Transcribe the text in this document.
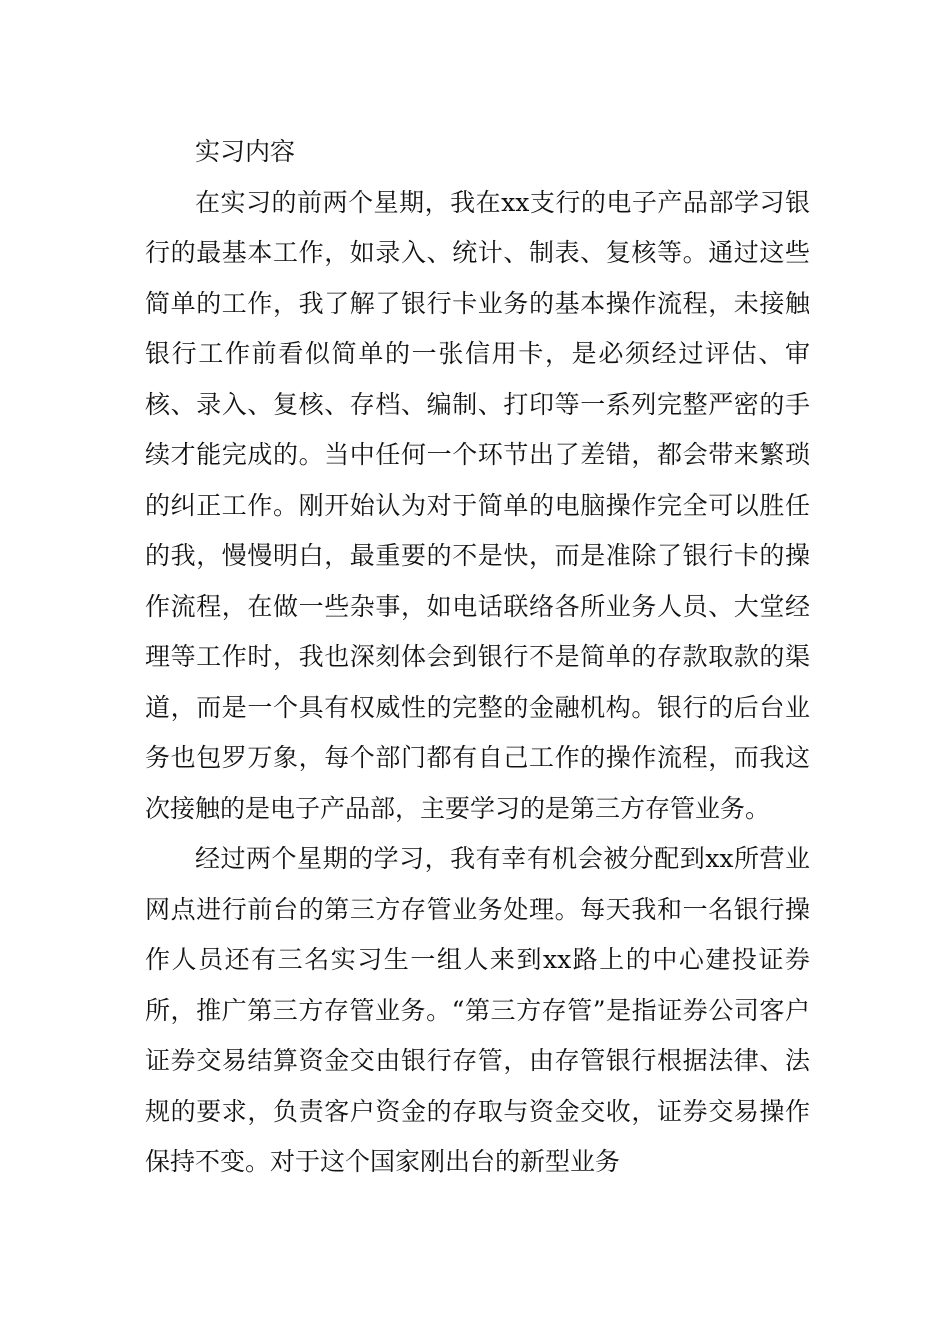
实习内容

在实习的前两个星期，我在xx支行的电子产品部学习银行的最基本工作，如录入、统计、制表、复核等。通过这些简单的工作，我了解了银行卡业务的基本操作流程，未接触银行工作前看似简单的一张信用卡，是必须经过评估、审核、录入、复核、存档、编制、打印等一系列完整严密的手续才能完成的。当中任何一个环节出了差错，都会带来繁琐的纠正工作。刚开始认为对于简单的电脑操作完全可以胜任的我，慢慢明白，最重要的不是快，而是准除了银行卡的操作流程，在做一些杂事，如电话联络各所业务人员、大堂经理等工作时，我也深刻体会到银行不是简单的存款取款的渠道，而是一个具有权威性的完整的金融机构。银行的后台业务也包罗万象，每个部门都有自己工作的操作流程，而我这次接触的是电子产品部，主要学习的是第三方存管业务。

经过两个星期的学习，我有幸有机会被分配到xx所营业网点进行前台的第三方存管业务处理。每天我和一名银行操作人员还有三名实习生一组人来到xx路上的中心建投证券所，推广第三方存管业务。“第三方存管”是指证券公司客户证券交易结算资金交由银行存管，由存管银行根据法律、法规的要求，负责客户资金的存取与资金交收，证券交易操作保持不变。对于这个国家刚出台的新型业务
